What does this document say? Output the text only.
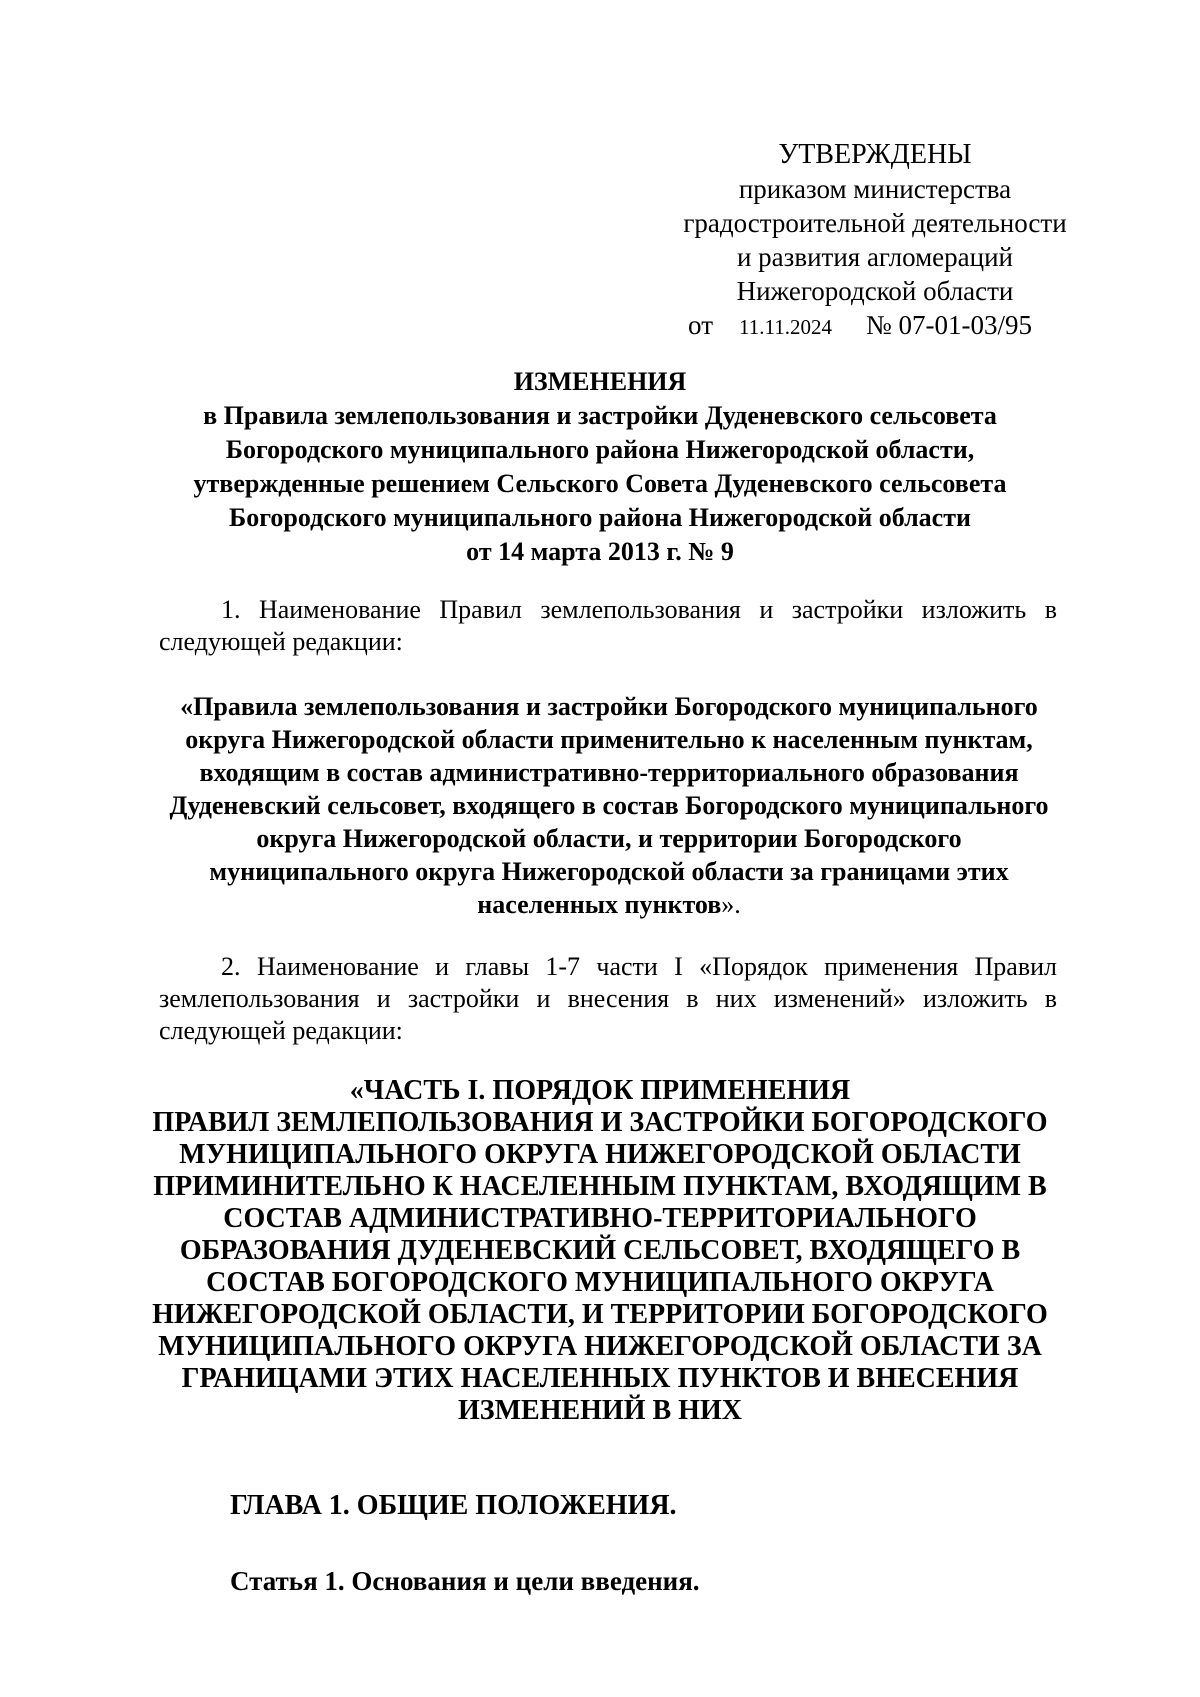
УТВЕРЖДЕНЫ
приказом министерства
градостроительной деятельности
и развития агломераций
Нижегородской области
от 11.11.2024 № 07-01-03/95
ИЗМЕНЕНИЯ
в Правила землепользования и застройки Дуденевского сельсовета
Богородского муниципального района Нижегородской области,
утвержденные решением Сельского Совета Дуденевского сельсовета
Богородского муниципального района Нижегородской области
от 14 марта 2013 г. № 9
1. Наименование Правил землепользования и застройки изложить в
следующей редакции:
«Правила землепользования и застройки Богородского муниципального
округа Нижегородской области применительно к населенным пунктам,
входящим в состав административно-территориального образования
Дуденевский сельсовет, входящего в состав Богородского муниципального
округа Нижегородской области, и территории Богородского
муниципального округа Нижегородской области за границами этих
населенных пунктов».
2. Наименование и главы 1-7 части I «Порядок применения Правил
землепользования и застройки и внесения в них изменений» изложить в
следующей редакции:
«ЧАСТЬ I. ПОРЯДОК ПРИМЕНЕНИЯ
ПРАВИЛ ЗЕМЛЕПОЛЬЗОВАНИЯ И ЗАСТРОЙКИ БОГОРОДСКОГО
МУНИЦИПАЛЬНОГО ОКРУГА НИЖЕГОРОДСКОЙ ОБЛАСТИ
ПРИМИНИТЕЛЬНО К НАСЕЛЕННЫМ ПУНКТАМ, ВХОДЯЩИМ В
СОСТАВ АДМИНИСТРАТИВНО-ТЕРРИТОРИАЛЬНОГО
ОБРАЗОВАНИЯ ДУДЕНЕВСКИЙ СЕЛЬСОВЕТ, ВХОДЯЩЕГО В
СОСТАВ БОГОРОДСКОГО МУНИЦИПАЛЬНОГО ОКРУГА
НИЖЕГОРОДСКОЙ ОБЛАСТИ, И ТЕРРИТОРИИ БОГОРОДСКОГО
МУНИЦИПАЛЬНОГО ОКРУГА НИЖЕГОРОДСКОЙ ОБЛАСТИ ЗА
ГРАНИЦАМИ ЭТИХ НАСЕЛЕННЫХ ПУНКТОВ И ВНЕСЕНИЯ
ИЗМЕНЕНИЙ В НИХ
ГЛАВА 1. ОБЩИЕ ПОЛОЖЕНИЯ.
Статья 1. Основания и цели введения.
